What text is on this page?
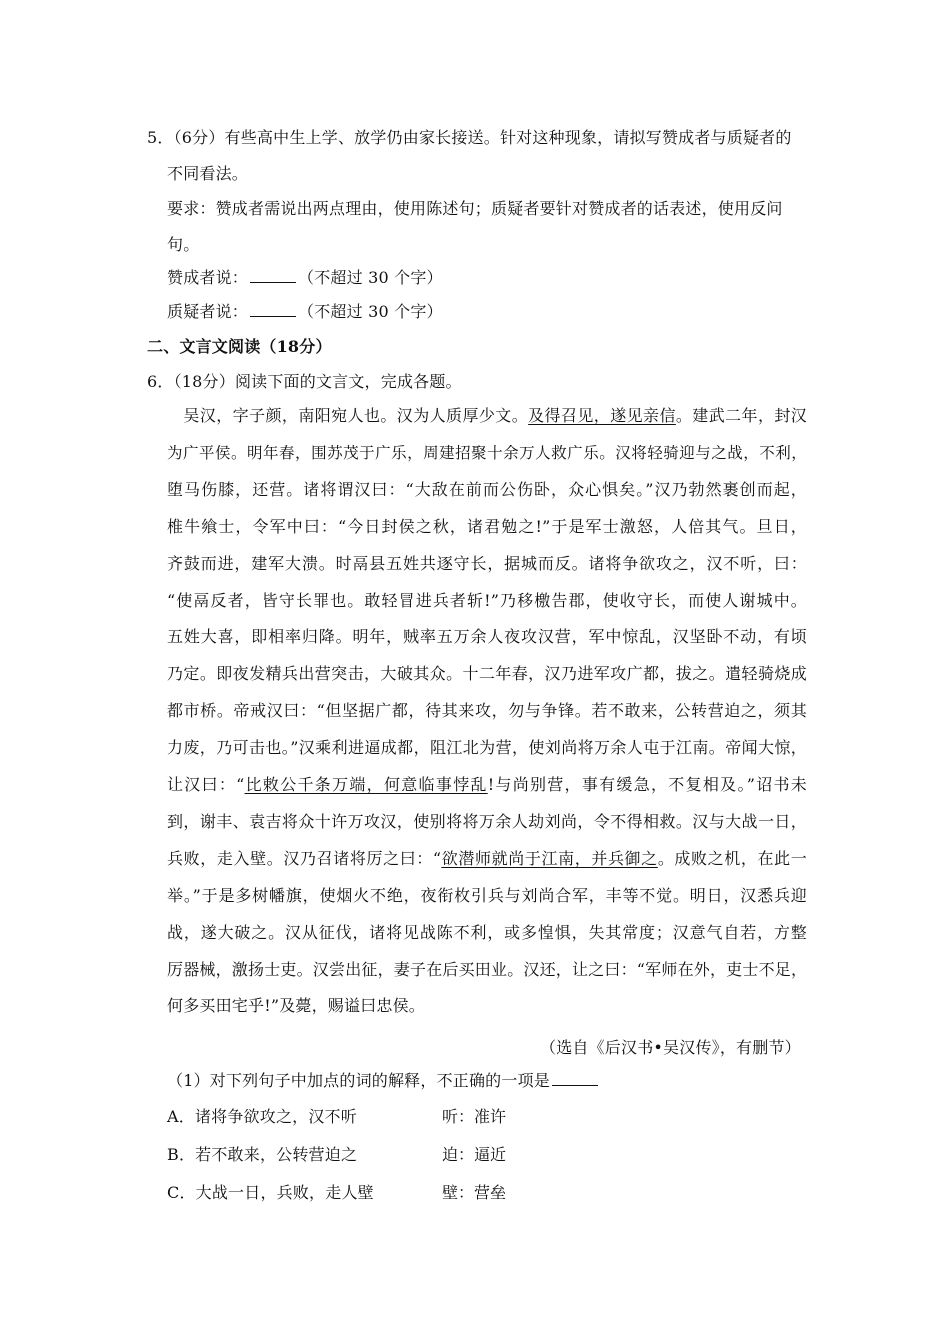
5．（6分）有些高中生上学、放学仍由家长接送。针对这种现象，请拟写赞成者与质疑者的
不同看法。
要求：赞成者需说出两点理由，使用陈述句；质疑者要针对赞成者的话表述，使用反问
句。
赞成者说：	（不超过 30 个字）
质疑者说：	（不超过 30 个字）
二、文言文阅读（18分）
6．（18分）阅读下面的文言文，完成各题。
　吴汉，字子颜，南阳宛人也。汉为人质厚少文。及得召见，遂见亲信。建武二年，封汉
为广平侯。明年春，围苏茂于广乐，周建招聚十余万人救广乐。汉将轻骑迎与之战，不利，
堕马伤膝，还营。诸将谓汉曰：“大敌在前而公伤卧，众心惧矣。”汉乃勃然裹创而起，
椎牛飨士，令军中曰：“今日封侯之秋，诸君勉之!”于是军士激怒，人倍其气。旦日，
齐鼓而进，建军大溃。时鬲县五姓共逐守长，据城而反。诸将争欲攻之，汉不听，曰：
“使鬲反者，皆守长罪也。敢轻冒进兵者斩!”乃移檄告郡，使收守长，而使人谢城中。
五姓大喜，即相率归降。明年，贼率五万余人夜攻汉营，军中惊乱，汉坚卧不动，有顷
乃定。即夜发精兵出营突击，大破其众。十二年春，汉乃进军攻广都，拔之。遣轻骑烧成
都市桥。帝戒汉曰：“但坚据广都，待其来攻，勿与争锋。若不敢来，公转营迫之，须其
力废，乃可击也。”汉乘利进逼成都，阻江北为营，使刘尚将万余人屯于江南。帝闻大惊，
让汉曰：“比敕公千条万端，何意临事悖乱!与尚别营，事有缓急，不复相及。”诏书未
到，谢丰、袁吉将众十许万攻汉，使别将将万余人劫刘尚，令不得相救。汉与大战一日，
兵败，走入壁。汉乃召诸将厉之曰：“欲潜师就尚于江南，并兵御之。成败之机，在此一
举。”于是多树幡旗，使烟火不绝，夜衔枚引兵与刘尚合军，丰等不觉。明日，汉悉兵迎
战，遂大破之。汉从征伐，诸将见战陈不利，或多惶惧，失其常度；汉意气自若，方整
厉器械，激扬士吏。汉尝出征，妻子在后买田业。汉还，让之曰：“军师在外，吏士不足，
何多买田宅乎!”及薨，赐谥曰忠侯。
（选自《后汉书•吴汉传》，有删节）
（1）对下列句子中加点的词的解释，不正确的一项是
A．诸将争欲攻之，汉不听	听：准许
B．若不敢来，公转营迫之	迫：逼近
C．大战一日，兵败，走人壁	壁：营垒
